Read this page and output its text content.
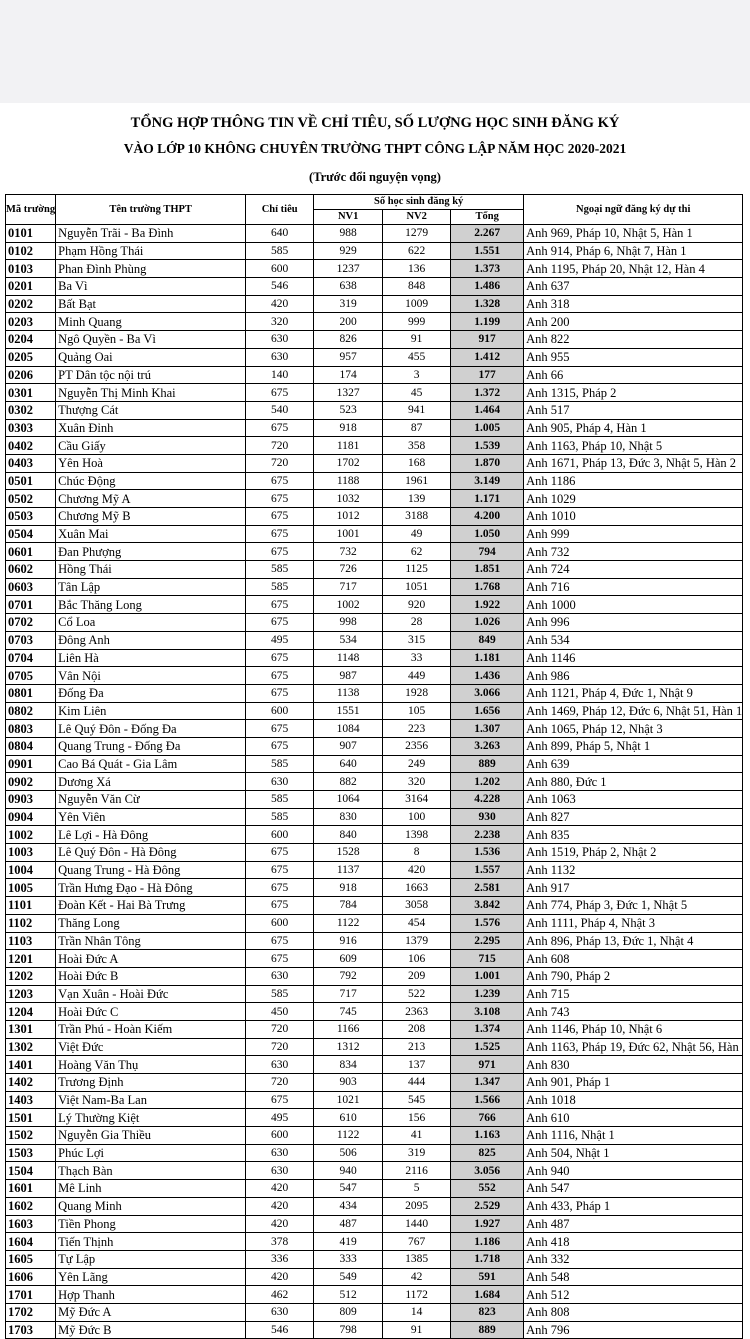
TỔNG HỢP THÔNG TIN VỀ CHỈ TIÊU, SỐ LƯỢNG HỌC SINH ĐĂNG KÝ
VÀO LỚP 10 KHÔNG CHUYÊN TRƯỜNG THPT CÔNG LẬP NĂM HỌC 2020-2021
(Trước đổi nguyện vọng)
Mã trường	Tên trường THPT	Chỉ tiêu	Số học sinh đăng ký			Ngoại ngữ đăng ký dự thi
			NV1	NV2	Tổng	
0101	Nguyễn Trãi - Ba Đình	640	988	1279	2.267	Anh 969, Pháp 10, Nhật 5, Hàn 1
0102	Phạm Hồng Thái	585	929	622	1.551	Anh 914, Pháp 6, Nhật 7, Hàn 1
0103	Phan Đình Phùng	600	1237	136	1.373	Anh 1195, Pháp 20, Nhật 12, Hàn 4
0201	Ba Vì	546	638	848	1.486	Anh 637
0202	Bất Bạt	420	319	1009	1.328	Anh 318
0203	Minh Quang	320	200	999	1.199	Anh 200
0204	Ngô Quyền - Ba Vì	630	826	91	917	Anh 822
0205	Quảng Oai	630	957	455	1.412	Anh 955
0206	PT Dân tộc nội trú	140	174	3	177	Anh 66
0301	Nguyễn Thị Minh Khai	675	1327	45	1.372	Anh 1315, Pháp 2
0302	Thượng Cát	540	523	941	1.464	Anh 517
0303	Xuân Đỉnh	675	918	87	1.005	Anh 905, Pháp 4, Hàn 1
0402	Cầu Giấy	720	1181	358	1.539	Anh 1163, Pháp 10, Nhật 5
0403	Yên Hoà	720	1702	168	1.870	Anh 1671, Pháp 13, Đức 3, Nhật 5, Hàn 2
0501	Chúc Động	675	1188	1961	3.149	Anh 1186
0502	Chương Mỹ A	675	1032	139	1.171	Anh 1029
0503	Chương Mỹ B	675	1012	3188	4.200	Anh 1010
0504	Xuân Mai	675	1001	49	1.050	Anh 999
0601	Đan Phượng	675	732	62	794	Anh 732
0602	Hồng Thái	585	726	1125	1.851	Anh 724
0603	Tân Lập	585	717	1051	1.768	Anh 716
0701	Bắc Thăng Long	675	1002	920	1.922	Anh 1000
0702	Cổ Loa	675	998	28	1.026	Anh 996
0703	Đông Anh	495	534	315	849	Anh 534
0704	Liên Hà	675	1148	33	1.181	Anh 1146
0705	Vân Nội	675	987	449	1.436	Anh 986
0801	Đống Đa	675	1138	1928	3.066	Anh 1121, Pháp 4, Đức 1, Nhật 9
0802	Kim Liên	600	1551	105	1.656	Anh 1469, Pháp 12, Đức 6, Nhật 51, Hàn 1
0803	Lê Quý Đôn - Đống Đa	675	1084	223	1.307	Anh 1065, Pháp 12, Nhật 3
0804	Quang Trung - Đống Đa	675	907	2356	3.263	Anh 899, Pháp 5, Nhật 1
0901	Cao Bá Quát - Gia Lâm	585	640	249	889	Anh 639
0902	Dương Xá	630	882	320	1.202	Anh 880, Đức 1
0903	Nguyễn Văn Cừ	585	1064	3164	4.228	Anh 1063
0904	Yên Viên	585	830	100	930	Anh 827
1002	Lê Lợi - Hà Đông	600	840	1398	2.238	Anh 835
1003	Lê Quý Đôn - Hà Đông	675	1528	8	1.536	Anh 1519, Pháp 2, Nhật 2
1004	Quang Trung - Hà Đông	675	1137	420	1.557	Anh 1132
1005	Trần Hưng Đạo - Hà Đông	675	918	1663	2.581	Anh 917
1101	Đoàn Kết - Hai Bà Trưng	675	784	3058	3.842	Anh 774, Pháp 3, Đức 1, Nhật 5
1102	Thăng Long	600	1122	454	1.576	Anh 1111, Pháp 4, Nhật 3
1103	Trần Nhân Tông	675	916	1379	2.295	Anh 896, Pháp 13, Đức 1, Nhật 4
1201	Hoài Đức A	675	609	106	715	Anh 608
1202	Hoài Đức B	630	792	209	1.001	Anh 790, Pháp 2
1203	Vạn Xuân - Hoài Đức	585	717	522	1.239	Anh 715
1204	Hoài Đức C	450	745	2363	3.108	Anh 743
1301	Trần Phú - Hoàn Kiếm	720	1166	208	1.374	Anh 1146, Pháp 10, Nhật 6
1302	Việt Đức	720	1312	213	1.525	Anh 1163, Pháp 19, Đức 62, Nhật 56, Hàn
1401	Hoàng Văn Thụ	630	834	137	971	Anh 830
1402	Trương Định	720	903	444	1.347	Anh 901, Pháp 1
1403	Việt Nam-Ba Lan	675	1021	545	1.566	Anh 1018
1501	Lý Thường Kiệt	495	610	156	766	Anh 610
1502	Nguyễn Gia Thiều	600	1122	41	1.163	Anh 1116, Nhật 1
1503	Phúc Lợi	630	506	319	825	Anh 504, Nhật 1
1504	Thạch Bàn	630	940	2116	3.056	Anh 940
1601	Mê Linh	420	547	5	552	Anh 547
1602	Quang Minh	420	434	2095	2.529	Anh 433, Pháp 1
1603	Tiền Phong	420	487	1440	1.927	Anh 487
1604	Tiến Thịnh	378	419	767	1.186	Anh 418
1605	Tự Lập	336	333	1385	1.718	Anh 332
1606	Yên Lãng	420	549	42	591	Anh 548
1701	Hợp Thanh	462	512	1172	1.684	Anh 512
1702	Mỹ Đức A	630	809	14	823	Anh 808
1703	Mỹ Đức B	546	798	91	889	Anh 796
